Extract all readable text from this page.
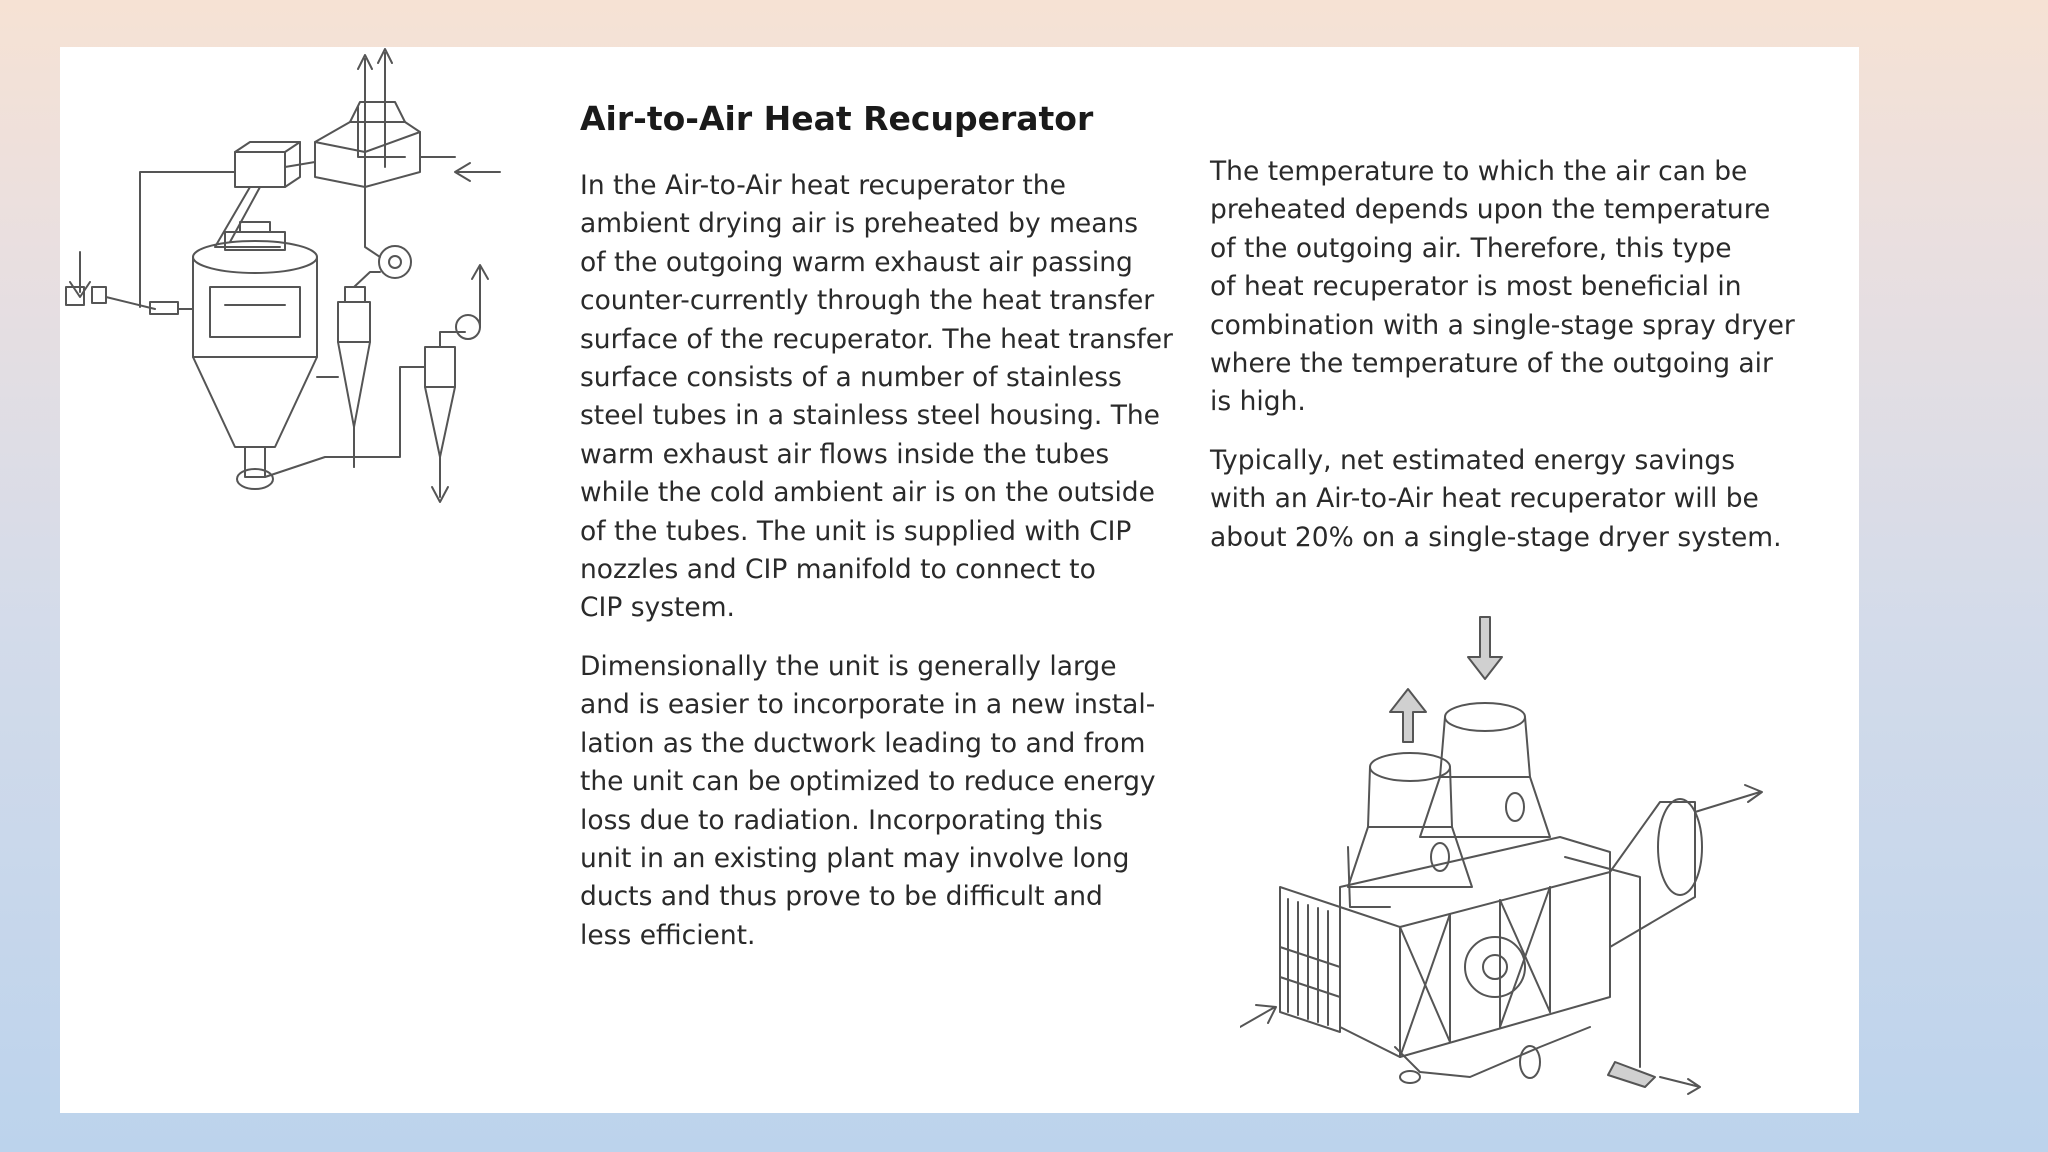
Air-to-Air Heat Recuperator

In the Air-to-Air heat recuperator the
ambient drying air is preheated by means
of the outgoing warm exhaust air passing
counter-currently through the heat transfer
surface of the recuperator. The heat transfer
surface consists of a number of stainless
steel tubes in a stainless steel housing. The
warm exhaust air flows inside the tubes
while the cold ambient air is on the outside
of the tubes. The unit is supplied with CIP
nozzles and CIP manifold to connect to
CIP system.

Dimensionally the unit is generally large
and is easier to incorporate in a new instal-
lation as the ductwork leading to and from
the unit can be optimized to reduce energy
loss due to radiation. Incorporating this
unit in an existing plant may involve long
ducts and thus prove to be difficult and
less efficient.

The temperature to which the air can be
preheated depends upon the temperature
of the outgoing air. Therefore, this type
of heat recuperator is most beneficial in
combination with a single-stage spray dryer
where the temperature of the outgoing air
is high.

Typically, net estimated energy savings
with an Air-to-Air heat recuperator will be
about 20% on a single-stage dryer system.
